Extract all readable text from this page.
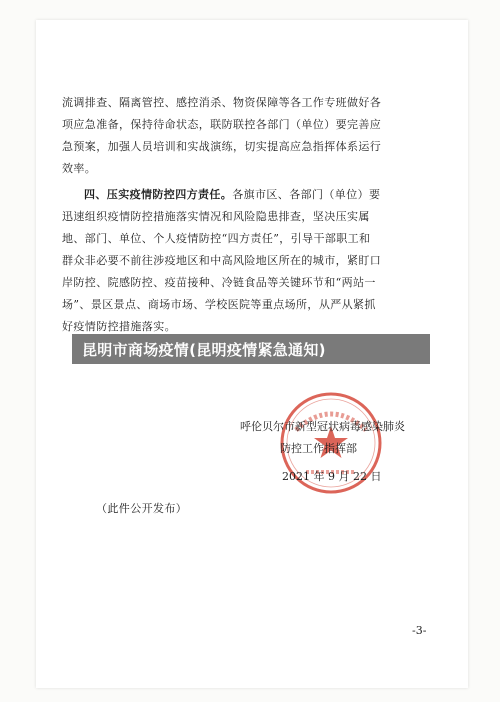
流调排查、隔离管控、感控消杀、物资保障等各工作专班做好各
项应急准备，保持待命状态，联防联控各部门（单位）要完善应
急预案，加强人员培训和实战演练，切实提高应急指挥体系运行
效率。
四、压实疫情防控四方责任。各旗市区、各部门（单位）要
迅速组织疫情防控措施落实情况和风险隐患排查，坚决压实属
地、部门、单位、个人疫情防控“四方责任”，引导干部职工和
群众非必要不前往涉疫地区和中高风险地区所在的城市，紧盯口
岸防控、院感防控、疫苗接种、冷链食品等关键环节和“两站一
场”、景区景点、商场市场、学校医院等重点场所，从严从紧抓
好疫情防控措施落实。
昆明市商场疫情(昆明疫情紧急通知)
呼伦贝尔市新型冠状病毒感染肺炎
防控工作指挥部
2021 年 9 月 22 日
（此件公开发布）
-3-
